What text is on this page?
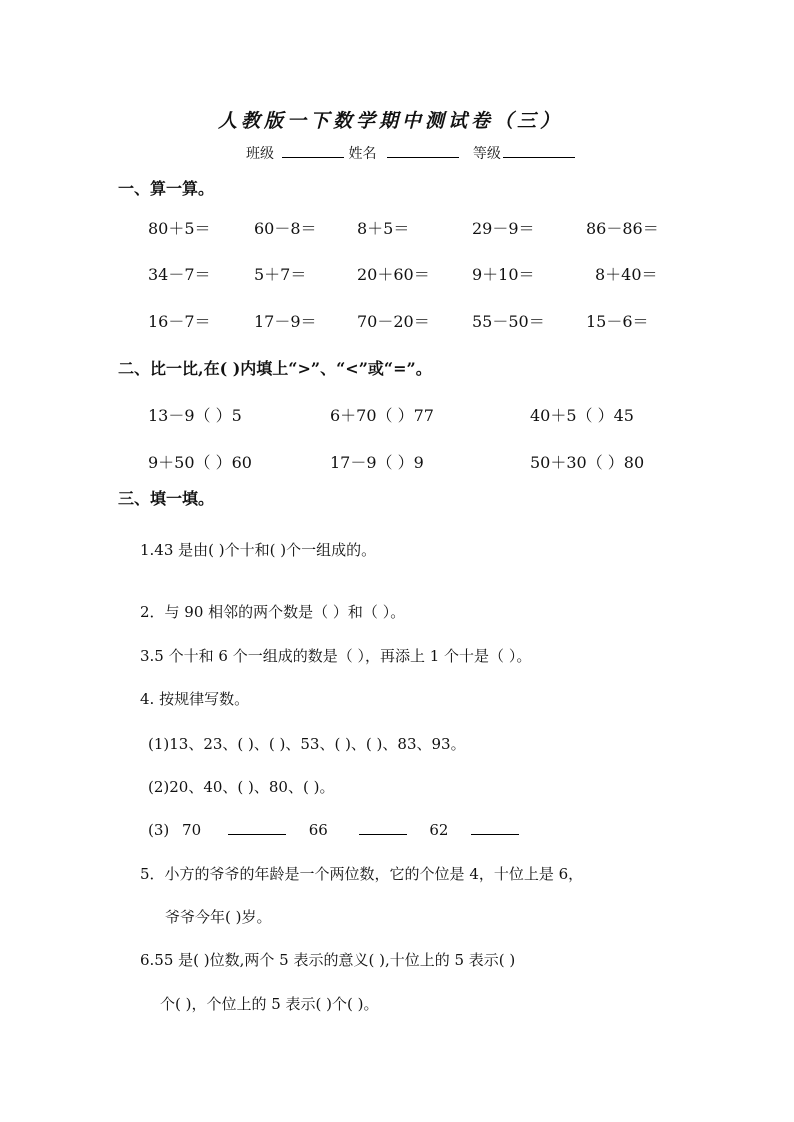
人教版一下数学期中测试卷（三）
班级	姓名	等级
一、算一算。
80＋5＝	60－8＝	8＋5＝	29－9＝	86－86＝
34－7＝	5＋7＝	20＋60＝	9＋10＝	8＋40＝
16－7＝	17－9＝	70－20＝	55－50＝	15－6＝
二、比一比,在( )内填上“>”、“<”或“=”。
13－9（ ）5	6＋70（ ）77	40＋5（ ）45
9＋50（ ）60	17－9（ ）9	50＋30（ ）80
三、填一填。
1.43 是由( )个十和( )个一组成的。
2．与 90 相邻的两个数是（ ）和（ ）。
3.5 个十和 6 个一组成的数是（ ），再添上 1 个十是（ ）。
4. 按规律写数。
(1)13、23、( )、( )、53、( )、( )、83、93。
(2)20、40、( )、80、( )。
(3) 70	66	62
5．小方的爷爷的年龄是一个两位数，它的个位是 4，十位上是 6，
爷爷今年( )岁。
6.55 是( )位数,两个 5 表示的意义( ),十位上的 5 表示( )
个( )，个位上的 5 表示( )个( )。
